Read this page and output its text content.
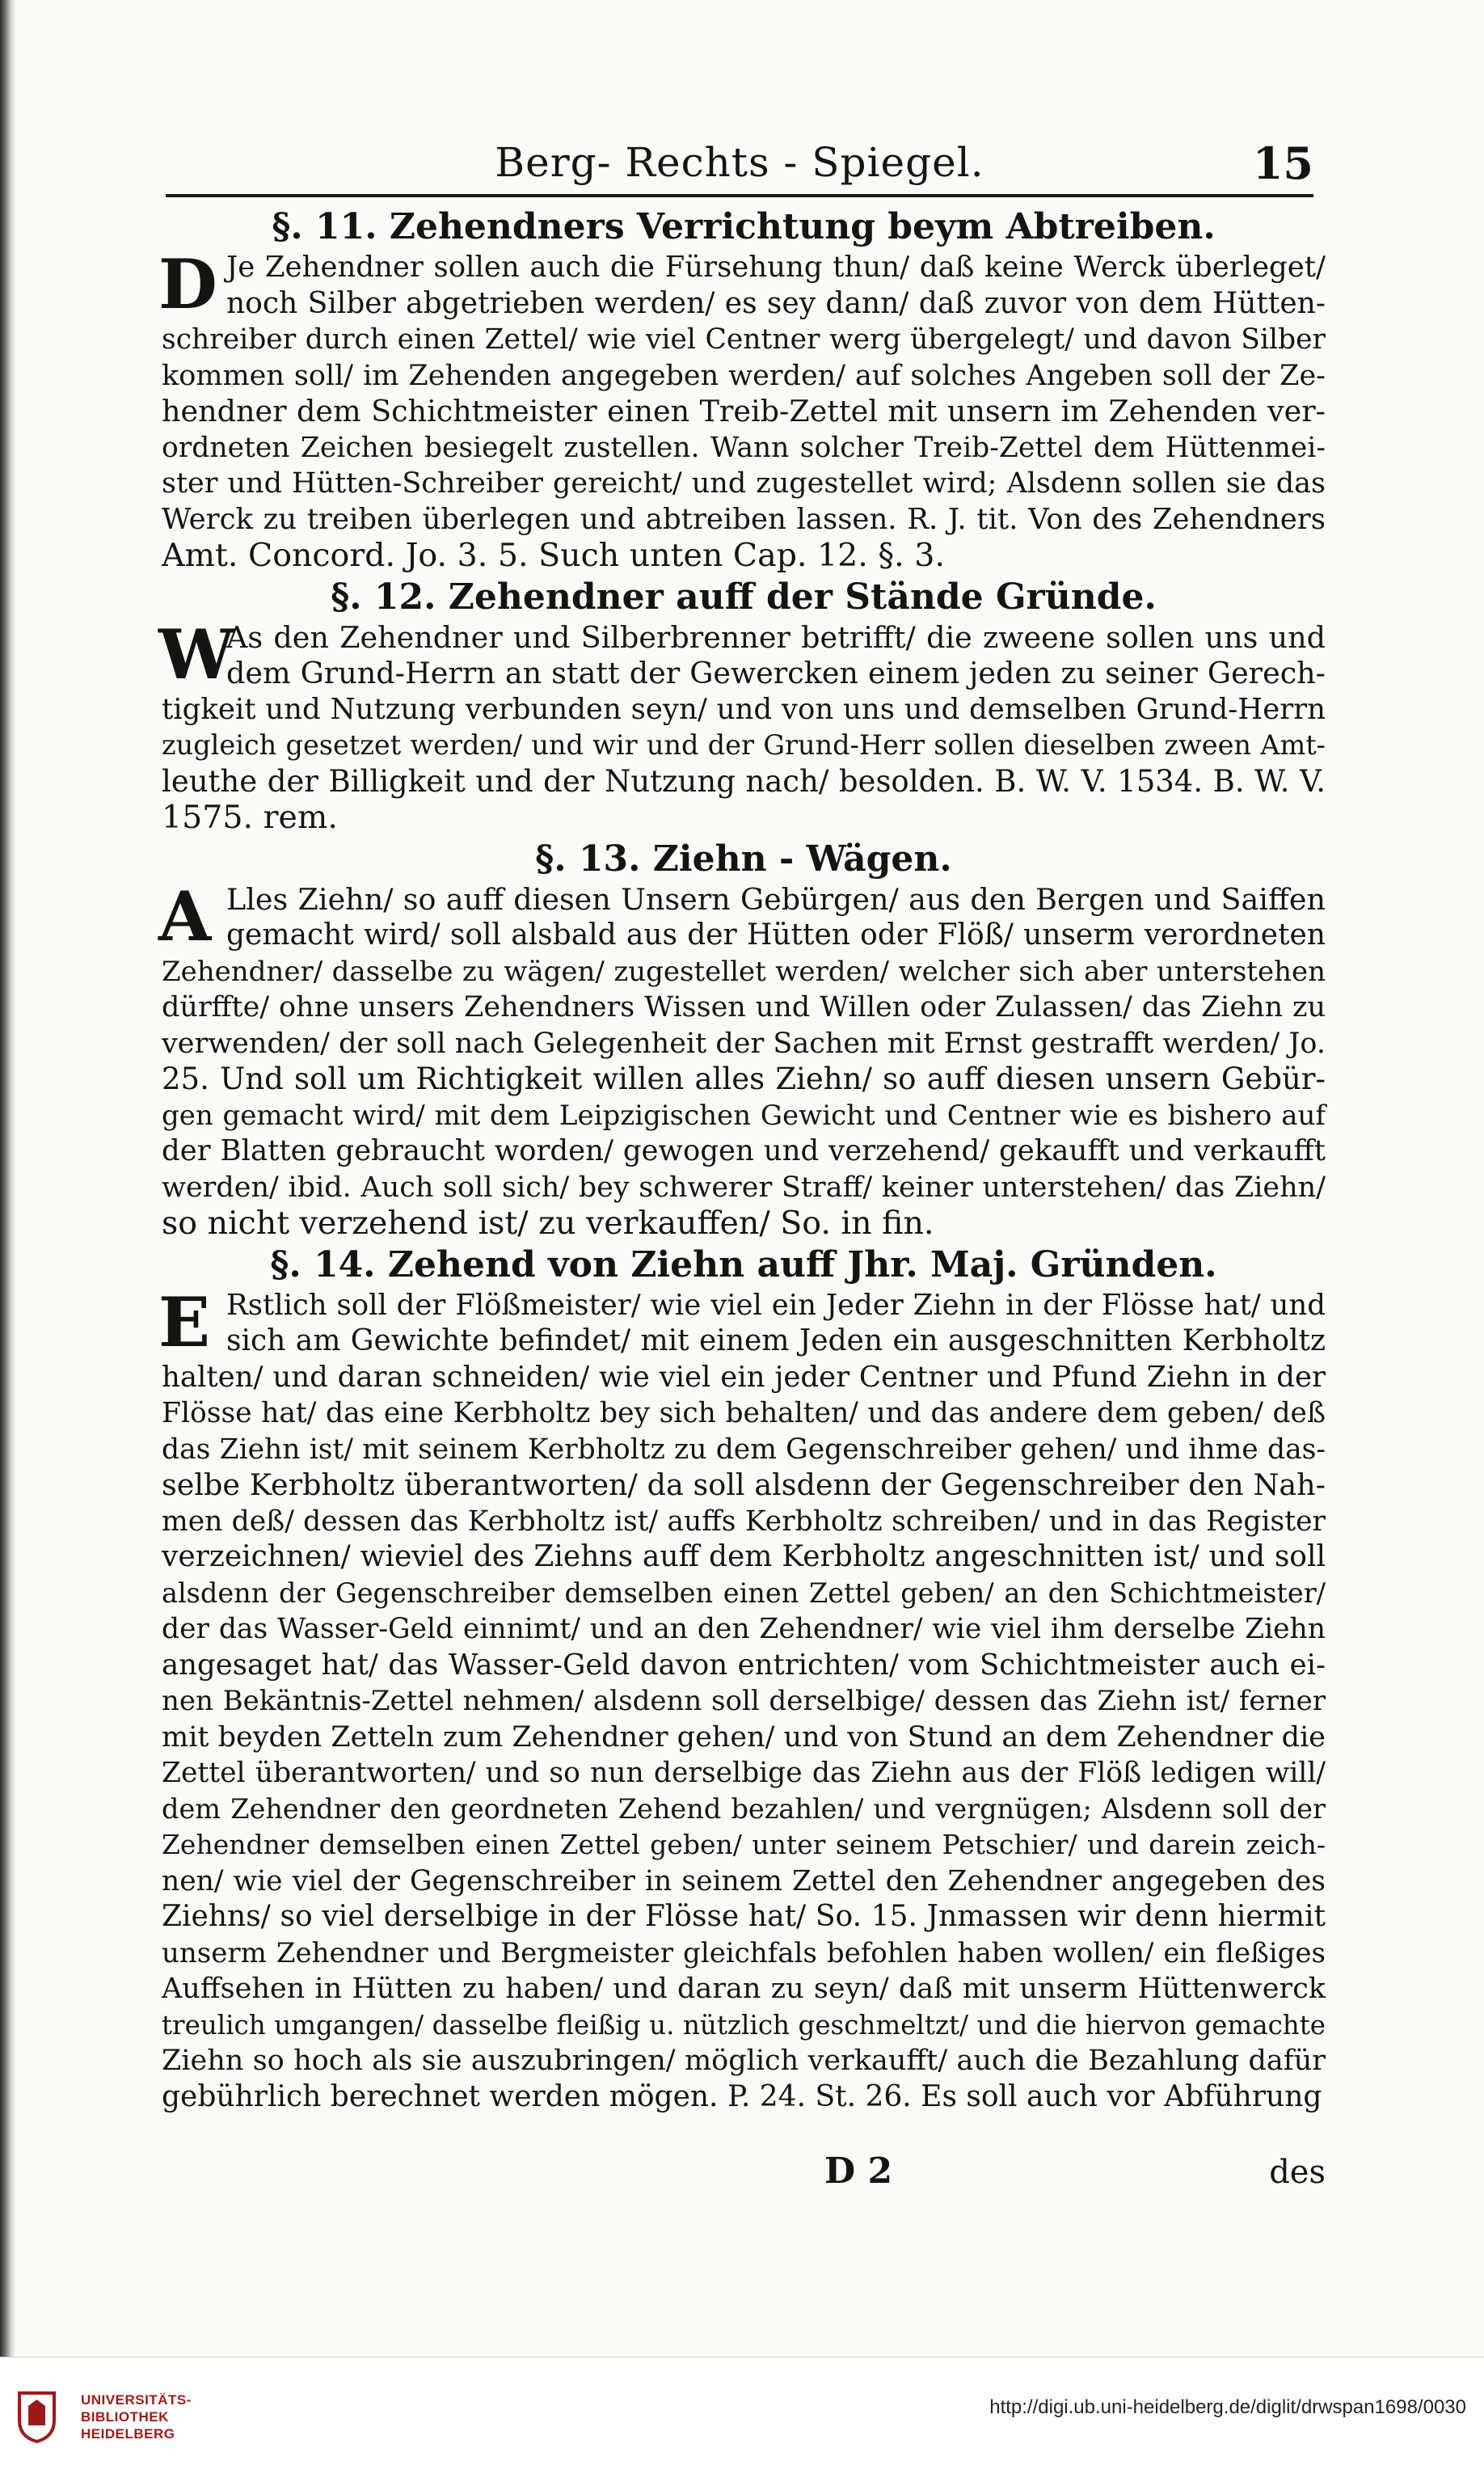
Berg- Rechts - Spiegel.	15
§. 11. Zehendners Verrichtung beym Abtreiben.
D Je Zehendner sollen auch die Fürsehung thun/ daß keine Werck überleget/
noch Silber abgetrieben werden/ es sey dann/ daß zuvor von dem Hütten-
schreiber durch einen Zettel/ wie viel Centner werg übergelegt/ und davon Silber
kommen soll/ im Zehenden angegeben werden/ auf solches Angeben soll der Ze-
hendner dem Schichtmeister einen Treib-Zettel mit unsern im Zehenden ver-
ordneten Zeichen besiegelt zustellen. Wann solcher Treib-Zettel dem Hüttenmei-
ster und Hütten-Schreiber gereicht/ und zugestellet wird; Alsdenn sollen sie das
Werck zu treiben überlegen und abtreiben lassen. R. J. tit. Von des Zehendners
Amt. Concord. Jo. 3. 5. Such unten Cap. 12. §. 3.
§. 12. Zehendner auff der Stände Gründe.
W
As den Zehendner und Silberbrenner betrifft/ die zweene sollen uns und
dem Grund-Herrn an statt der Gewercken einem jeden zu seiner Gerech-
tigkeit und Nutzung verbunden seyn/ und von uns und demselben Grund-Herrn
zugleich gesetzet werden/ und wir und der Grund-Herr sollen dieselben zween Amt-
leuthe der Billigkeit und der Nutzung nach/ besolden. B. W. V. 1534. B. W. V.
1575. rem.
§. 13. Ziehn - Wägen.
A Lles Ziehn/ so auff diesen Unsern Gebürgen/ aus den Bergen und Saiffen
gemacht wird/ soll alsbald aus der Hütten oder Flöß/ unserm verordneten
Zehendner/ dasselbe zu wägen/ zugestellet werden/ welcher sich aber unterstehen
dürffte/ ohne unsers Zehendners Wissen und Willen oder Zulassen/ das Ziehn zu
verwenden/ der soll nach Gelegenheit der Sachen mit Ernst gestrafft werden/ Jo.
25. Und soll um Richtigkeit willen alles Ziehn/ so auff diesen unsern Gebür-
gen gemacht wird/ mit dem Leipzigischen Gewicht und Centner wie es bishero auf
der Blatten gebraucht worden/ gewogen und verzehend/ gekaufft und verkaufft
werden/ ibid. Auch soll sich/ bey schwerer Straff/ keiner unterstehen/ das Ziehn/
so nicht verzehend ist/ zu verkauffen/ So. in fin.
§. 14. Zehend von Ziehn auff Jhr. Maj. Gründen.
E Rstlich soll der Flößmeister/ wie viel ein Jeder Ziehn in der Flösse hat/ und
sich am Gewichte befindet/ mit einem Jeden ein ausgeschnitten Kerbholtz
halten/ und daran schneiden/ wie viel ein jeder Centner und Pfund Ziehn in der
Flösse hat/ das eine Kerbholtz bey sich behalten/ und das andere dem geben/ deß
das Ziehn ist/ mit seinem Kerbholtz zu dem Gegenschreiber gehen/ und ihme das-
selbe Kerbholtz überantworten/ da soll alsdenn der Gegenschreiber den Nah-
men deß/ dessen das Kerbholtz ist/ auffs Kerbholtz schreiben/ und in das Register
verzeichnen/ wieviel des Ziehns auff dem Kerbholtz angeschnitten ist/ und soll
alsdenn der Gegenschreiber demselben einen Zettel geben/ an den Schichtmeister/
der das Wasser-Geld einnimt/ und an den Zehendner/ wie viel ihm derselbe Ziehn
angesaget hat/ das Wasser-Geld davon entrichten/ vom Schichtmeister auch ei-
nen Bekäntnis-Zettel nehmen/ alsdenn soll derselbige/ dessen das Ziehn ist/ ferner
mit beyden Zetteln zum Zehendner gehen/ und von Stund an dem Zehendner die
Zettel überantworten/ und so nun derselbige das Ziehn aus der Flöß ledigen will/
dem Zehendner den geordneten Zehend bezahlen/ und vergnügen; Alsdenn soll der
Zehendner demselben einen Zettel geben/ unter seinem Petschier/ und darein zeich-
nen/ wie viel der Gegenschreiber in seinem Zettel den Zehendner angegeben des
Ziehns/ so viel derselbige in der Flösse hat/ So. 15. Jnmassen wir denn hiermit
unserm Zehendner und Bergmeister gleichfals befohlen haben wollen/ ein fleßiges
Auffsehen in Hütten zu haben/ und daran zu seyn/ daß mit unserm Hüttenwerck
treulich umgangen/ dasselbe fleißig u. nützlich geschmeltzt/ und die hiervon gemachte
Ziehn so hoch als sie auszubringen/ möglich verkaufft/ auch die Bezahlung dafür
gebührlich berechnet werden mögen. P. 24. St. 26. Es soll auch vor Abführung
D 2	des
UNIVERSITÄTS-
BIBLIOTHEK
HEIDELBERG
http://digi.ub.uni-heidelberg.de/diglit/drwspan1698/0030
